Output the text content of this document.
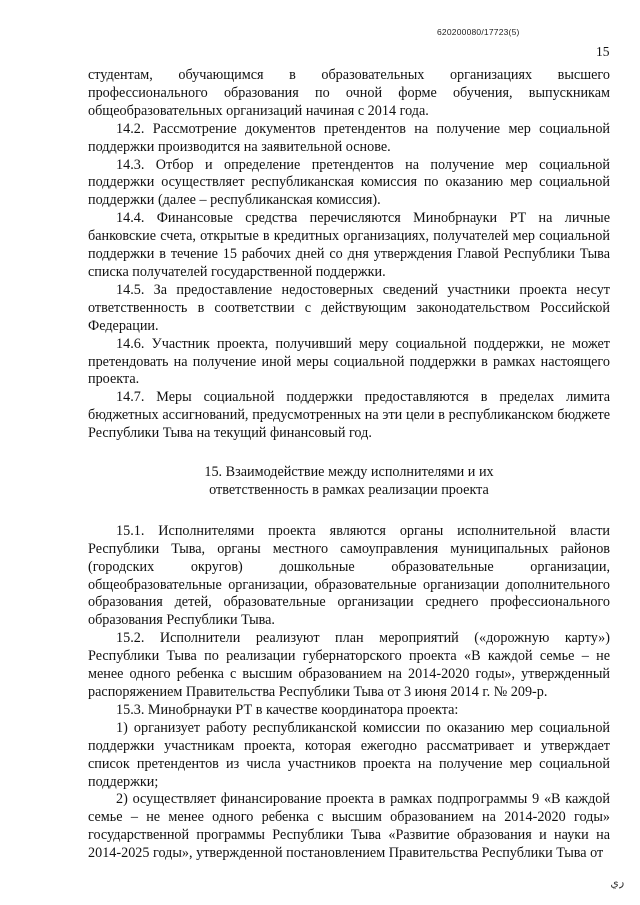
620200080/17723(5)
15

студентам, обучающимся в образовательных организациях высшего профессионального образования по очной форме обучения, выпускникам общеобразовательных организаций начиная с 2014 года.

14.2. Рассмотрение документов претендентов на получение мер социальной поддержки производится на заявительной основе.

14.3. Отбор и определение претендентов на получение мер социальной поддержки осуществляет республиканская комиссия по оказанию мер социальной поддержки (далее – республиканская комиссия).

14.4. Финансовые средства перечисляются Минобрнауки РТ на личные банковские счета, открытые в кредитных организациях, получателей мер социальной поддержки в течение 15 рабочих дней со дня утверждения Главой Республики Тыва списка получателей государственной поддержки.

14.5. За предоставление недостоверных сведений участники проекта несут ответственность в соответствии с действующим законодательством Российской Федерации.

14.6. Участник проекта, получивший меру социальной поддержки, не может претендовать на получение иной меры социальной поддержки в рамках настоящего проекта.

14.7. Меры социальной поддержки предоставляются в пределах лимита бюджетных ассигнований, предусмотренных на эти цели в республиканском бюджете Республики Тыва на текущий финансовый год.

15. Взаимодействие между исполнителями и их
ответственность в рамках реализации проекта

15.1. Исполнителями проекта являются органы исполнительной власти Республики Тыва, органы местного самоуправления муниципальных районов (городских округов) дошкольные образовательные организации, общеобразовательные организации, образовательные организации дополнительного образования детей, образовательные организации среднего профессионального образования Республики Тыва.

15.2. Исполнители реализуют план мероприятий («дорожную карту») Республики Тыва по реализации губернаторского проекта «В каждой семье – не менее одного ребенка с высшим образованием на 2014-2020 годы», утвержденный распоряжением Правительства Республики Тыва от 3 июня 2014 г. № 209-р.

15.3. Минобрнауки РТ в качестве координатора проекта:

1) организует работу республиканской комиссии по оказанию мер социальной поддержки участникам проекта, которая ежегодно рассматривает и утверждает список претендентов из числа участников проекта на получение мер социальной поддержки;

2) осуществляет финансирование проекта в рамках подпрограммы 9 «В каждой семье – не менее одного ребенка с высшим образованием на 2014-2020 годы» государственной программы Республики Тыва «Развитие образования и науки на 2014-2025 годы», утвержденной постановлением Правительства Республики Тыва от

ري
